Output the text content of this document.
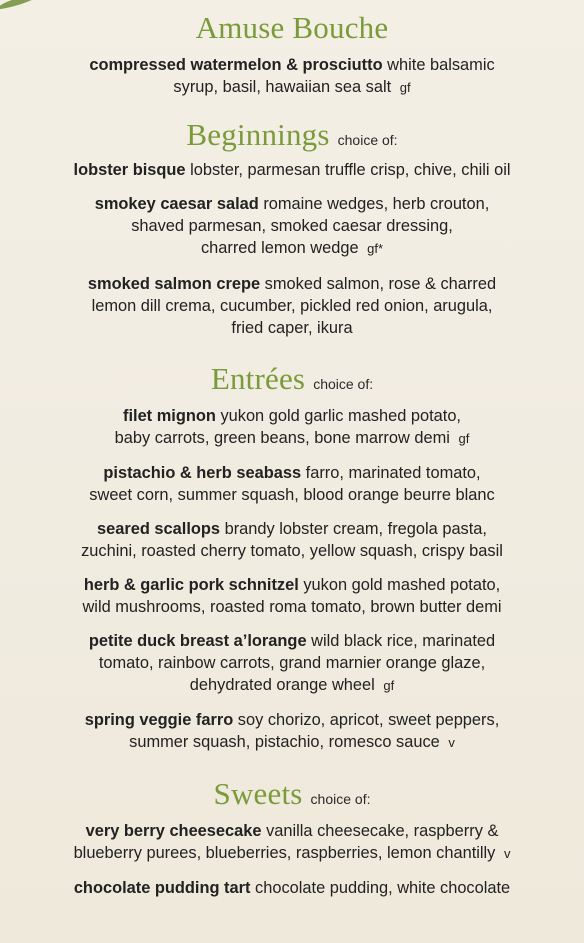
Amuse Bouche
compressed watermelon & prosciutto white balsamic
syrup, basil, hawaiian sea salt gf
Beginnings choice of:
lobster bisque lobster, parmesan truffle crisp, chive, chili oil
smokey caesar salad romaine wedges, herb crouton,
shaved parmesan, smoked caesar dressing,
charred lemon wedge gf*
smoked salmon crepe smoked salmon, rose & charred
lemon dill crema, cucumber, pickled red onion, arugula,
fried caper, ikura
Entrées choice of:
filet mignon yukon gold garlic mashed potato,
baby carrots, green beans, bone marrow demi gf
pistachio & herb seabass farro, marinated tomato,
sweet corn, summer squash, blood orange beurre blanc
seared scallops brandy lobster cream, fregola pasta,
zuchini, roasted cherry tomato, yellow squash, crispy basil
herb & garlic pork schnitzel yukon gold mashed potato,
wild mushrooms, roasted roma tomato, brown butter demi
petite duck breast a’lorange wild black rice, marinated
tomato, rainbow carrots, grand marnier orange glaze,
dehydrated orange wheel gf
spring veggie farro soy chorizo, apricot, sweet peppers,
summer squash, pistachio, romesco sauce v
Sweets choice of:
very berry cheesecake vanilla cheesecake, raspberry &
blueberry purees, blueberries, raspberries, lemon chantilly v
chocolate pudding tart chocolate pudding, white chocolate
